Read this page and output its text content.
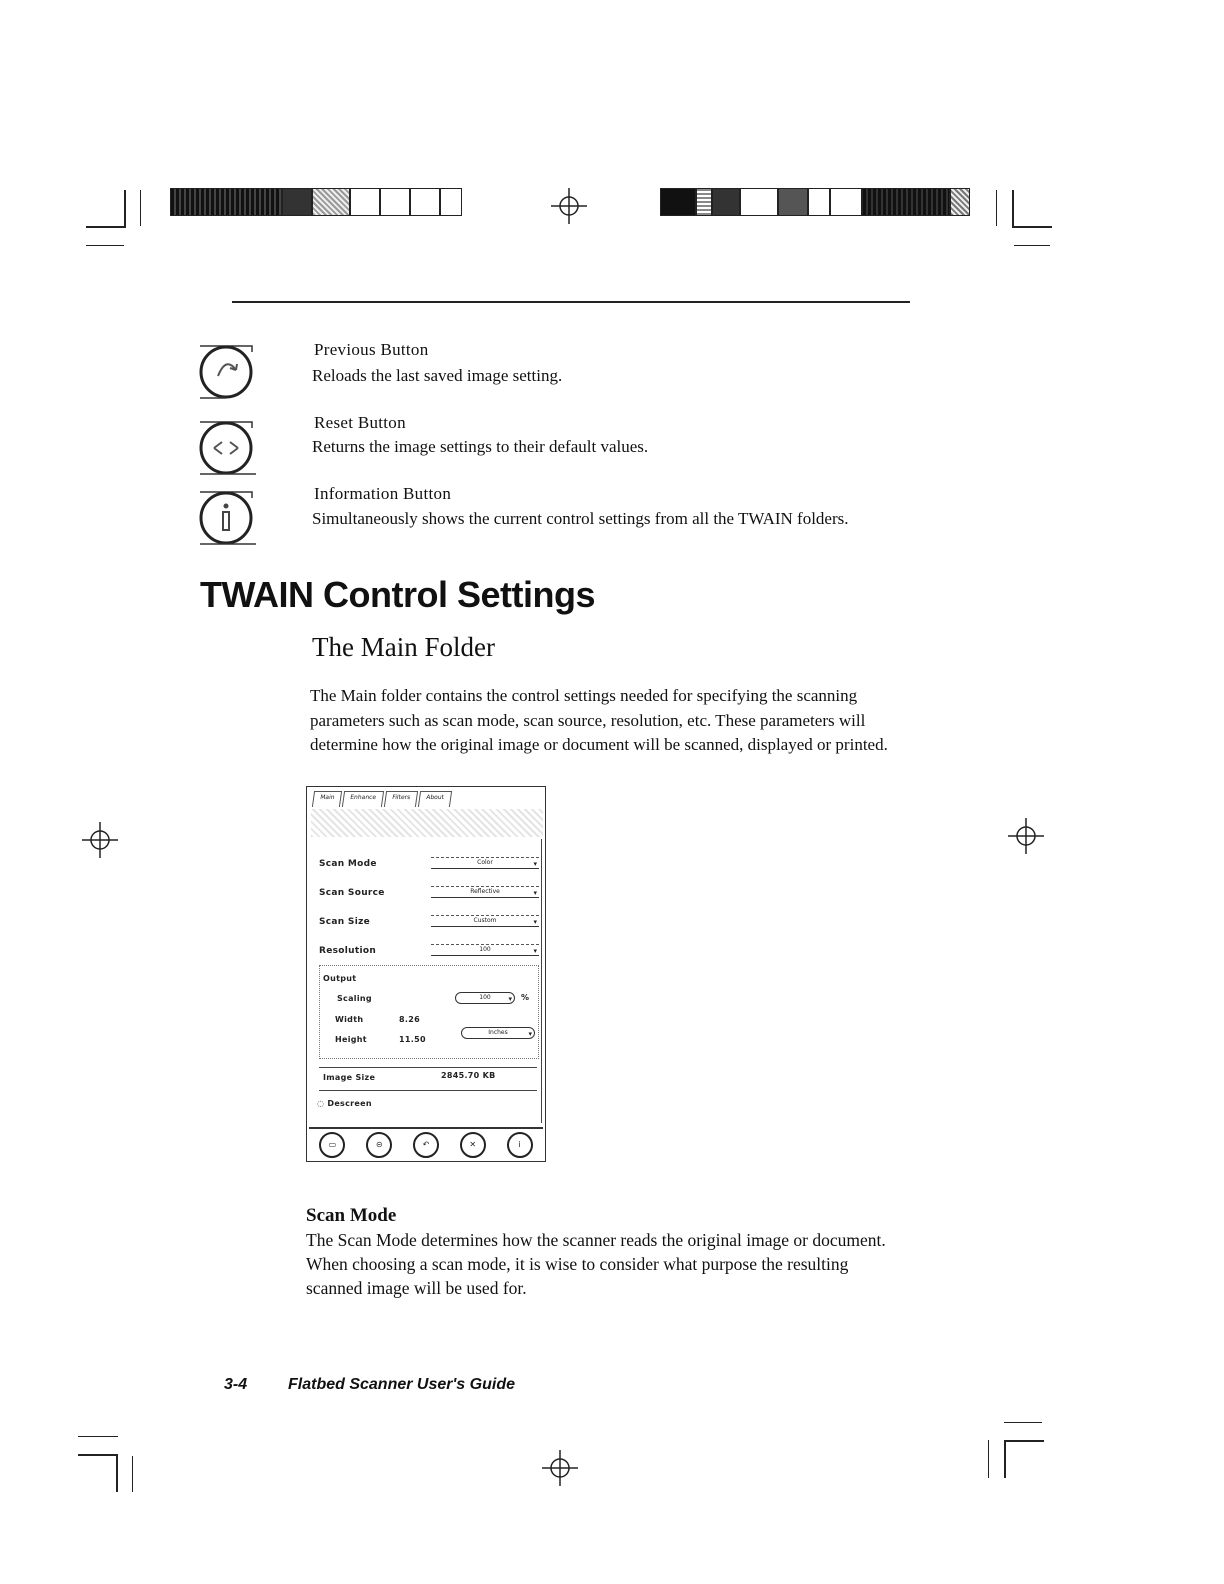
Previous Button
Reloads the last saved image setting.
Reset Button
Returns the image settings to their default values.
Information Button
Simultaneously shows the current control settings from all the TWAIN folders.
TWAIN Control Settings
The Main Folder
The Main folder contains the control settings needed for specifying the scanning parameters such as scan mode, scan source, resolution, etc. These parameters will determine how the original image or document will be scanned, displayed or printed.
Main	Enhance	Filters	About
Scan Mode	Color	▾
Scan Source	Reflective	▾
Scan Size	Custom	▾
Resolution	100	▾
Output
Scaling	100	▾ %
Width	8.26
Height	11.50
Inches	▾
Image Size	2845.70 KB
◌ Descreen
▭	⊝	↶	✕	i
Scan Mode
The Scan Mode determines how the scanner reads the original image or document. When choosing a scan mode, it is wise to consider what purpose the resulting scanned image will be used for.
3-4	Flatbed Scanner User's Guide
